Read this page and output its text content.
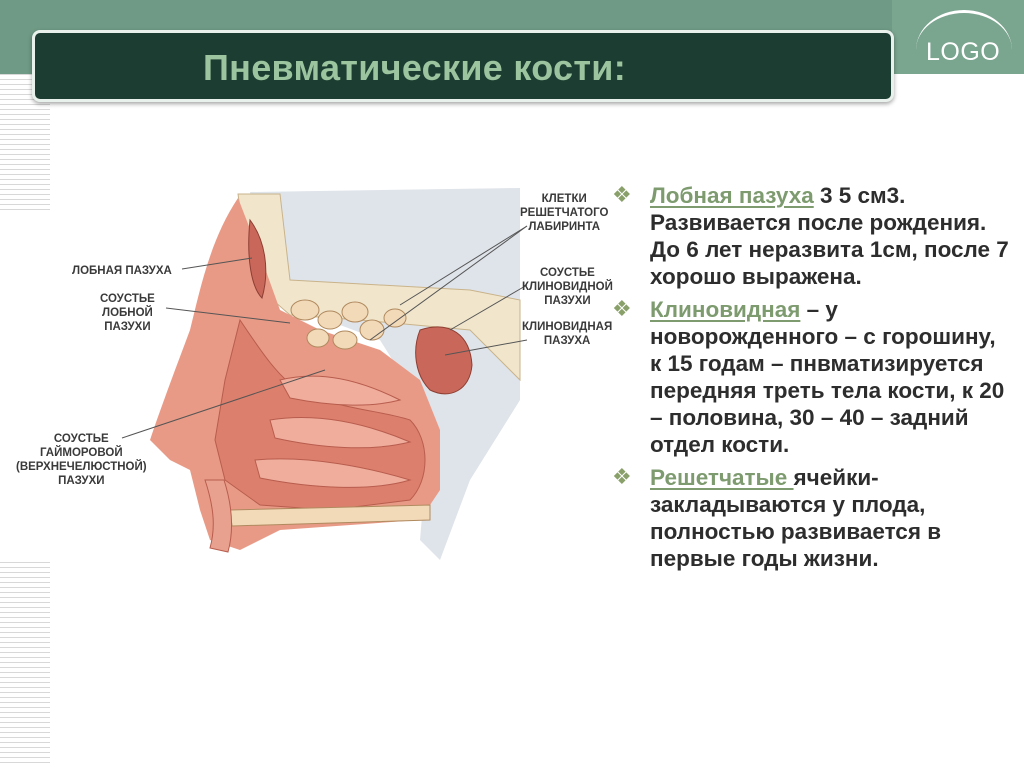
Пневматические кости:	LOGO
ЛОБНАЯ ПАЗУХА
СОУСТЬЕ
ЛОБНОЙ
ПАЗУХИ
СОУСТЬЕ
ГАЙМОРОВОЙ
(ВЕРХНЕЧЕЛЮСТНОЙ)
ПАЗУХИ
КЛЕТКИ
РЕШЕТЧАТОГО
ЛАБИРИНТА
СОУСТЬЕ
КЛИНОВИДНОЙ
ПАЗУХИ
КЛИНОВИДНАЯ
ПАЗУХА
❖ Лобная пазуха 3 5 см3. Развивается после рождения. До 6 лет неразвита 1см, после 7 хорошо выражена.
❖ Клиновидная – у новорожденного – с горошину, к 15 годам – пнвматизируется передняя треть тела кости, к 20 – половина, 30 – 40 – задний отдел кости.
❖ Решетчатые ячейки- закладываются у плода, полностью развивается в первые годы жизни.
